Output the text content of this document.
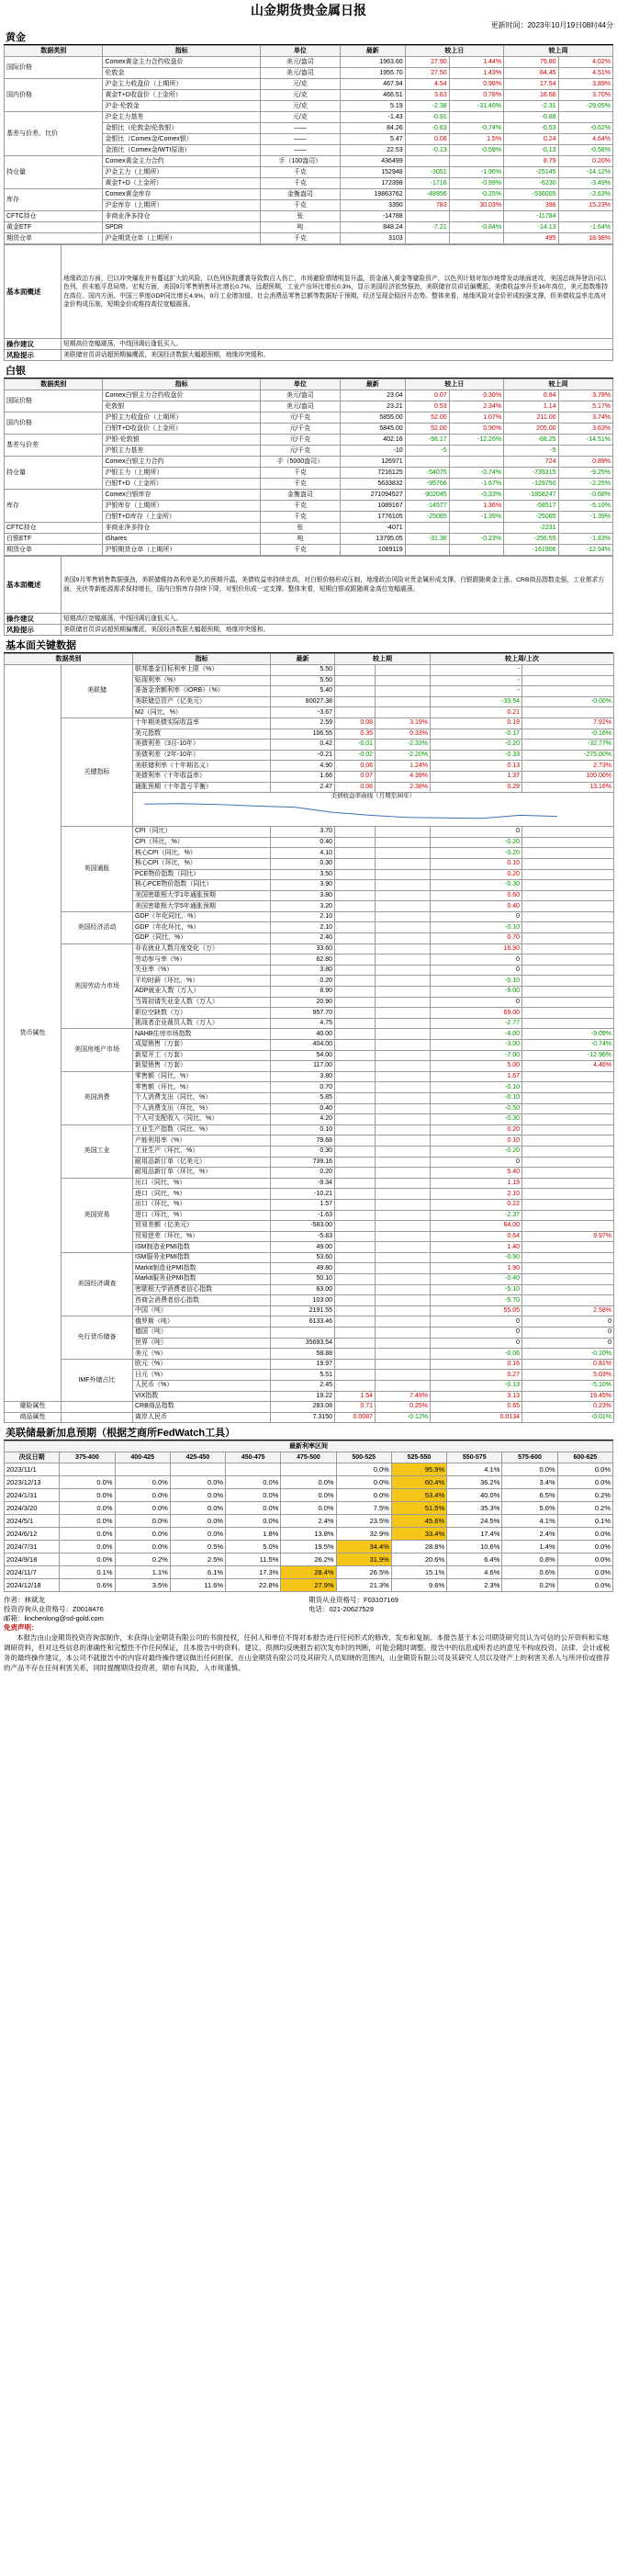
山金期货贵金属日报
更新时间：2023年10月19日08时44分
黄金
数据类别	指标	单位	最新	较上日		较上周	
国际价格	Comex黄金主力合约收盘价	美元/盎司	1963.60	27.90	1.44%	75.80	4.02%
	伦敦金	美元/盎司	1955.70	27.50	1.43%	84.45	4.51%
国内价格	沪金主力收盘价（上期所）	元/克	467.94	4.54	0.98%	17.54	3.89%
	黄金T+D收盘价（上金所）	元/克	466.51	3.63	0.78%	16.66	3.70%
	沪金-伦敦金	元/克	5.19	-2.38	-31.46%	-2.31	-29.05%
基差与价差、比价	沪金主力基差	元/克	-1.43	-0.91		-0.88	
	金银比（伦敦金/伦敦银）	——	84.26	-0.63	-0.74%	-0.53	-0.62%
	金银比（Comex金/Comex银）	——	5.47	0.08	1.5%	0.24	4.64%
	金油比（Comex金/WTI原油）	——	22.53	-0.13	-0.59%	-0.13	-0.58%
持仓量	Comex黄金主力合约	手（100盎司）	436499			8.79	0.20%
	沪金主力（上期所）	千克	152948	-3051	-1.96%	-25145	-14.12%
	黄金T+D（上金所）	千克	172398	-1716	-0.99%	-6230	-3.49%
库存	Comex黄金库存	金衡盎司	19863762	-48956	-0.25%	-536005	-2.63%
	沪金库存（上期所）	千克	3390	783	30.03%	396	15.23%
CFTC持仓	非商业净多持仓	张	-14788			-11784	
黄金ETF	SPDR	吨	848.24	-7.21	-0.84%	-14.13	-1.64%
期货仓单	沪金期货仓单（上期所）	千克	3103			495	18.98%
基本面概述	地缘政治方面，巴以冲突爆发并有蔓延扩大的风险，以色列医院遭袭导致数百人伤亡，市场避险情绪明显升温，资金涌入黄金等避险资产，以色列计划对加沙地带发动地面进攻，美国总统拜登访问以色列，但未能平息局势。宏观方面，美国9月零售销售环比增长0.7%，远超预期，工业产出环比增长0.3%，显示美国经济依然强劲，美联储官员讲话偏鹰派，美债收益率升至16年高位，美元指数维持在高位。国内方面，中国三季度GDP同比增长4.9%，9月工业增加值、社会消费品零售总额等数据好于预期，经济呈现企稳回升态势。整体来看，地缘风险对金价形成较强支撑，但美债收益率走高对金价构成压制，短期金价或维持高位宽幅震荡。
操作建议	短期高位宽幅震荡，中线回调后逢低买入。
风险提示	美联储官员讲话超预期偏鹰派，美国经济数据大幅超预期，地缘冲突缓和。
白银
数据类别	指标	单位	最新	较上日		较上周	
国际价格	Comex白银主力合约收盘价	美元/盎司	23.04	0.07	0.30%	0.84	3.78%
	伦敦银	美元/盎司	23.21	0.53	2.34%	1.14	5.17%
国内价格	沪银主力收盘价（上期所）	元/千克	5855.00	52.00	1.07%	211.00	3.74%
	白银T+D收盘价（上金所）	元/千克	5845.00	52.00	0.90%	205.00	3.63%
基差与价差	沪银-伦敦银	元/千克	402.16	-56.17	-12.26%	-68.25	-14.51%
	沪银主力基差	元/千克	-10	-5		-5	
持仓量	Comex白银主力合约	手（5000盎司）	126971			724	0.89%
	沪银主力（上期所）	千克	7216125	-54075	-0.74%	-735315	-9.25%
	白银T+D（上金所）	千克	5633832	-95766	-1.67%	-129750	-2.25%
库存	Comex白银库存	金衡盎司	271094527	-902045	-0.33%	-1858247	-0.68%
	沪银库存（上期所）	千克	1089167	-14577	1.36%	-58517	-5.10%
	白银T+D库存（上金所）	千克	1776105	-25065	-1.39%	-25065	-1.39%
CFTC持仓	非商业净多持仓	张	-4071			-2231	
白银ETF	iShares	吨	13795.05	-31.36	-0.23%	-256.55	-1.83%
期货仓单	沪银期货仓单（上期所）	千克	1089119			-161906	-12.94%
基本面概述	美国9月零售销售数据强劲，美联储维持高利率更久的预期升温，美债收益率持续走高，对白银价格形成压制，地缘政治风险对贵金属形成支撑，白银跟随黄金上涨。CRB商品指数走强，工业需求方面，光伏等新能源需求保持增长，国内白银库存持续下降，对银价形成一定支撑。整体来看，短期白银或跟随黄金高位宽幅震荡。
操作建议	短期高位宽幅震荡，中线回调后逢低买入。
风险提示	美联储官员讲话超预期偏鹰派，美国经济数据大幅超预期，地缘冲突缓和。
基本面关键数据
数据类别		指标	最新	较上期		较上周/上次	
货币属性	美联储	联邦基金目标利率上限（%）	5.50			-	
		贴现利率（%）	5.50			-	
		准备金余额利率（IORB）（%）	5.40			-	
		美联储总资产（亿美元）	80027.38			-33.54	-0.00%
		M2（同比，%）	-3.67			0.21	
	关键指标	十年期美债实际收益率	2.59	0.08	3.19%	0.19	7.92%
		美元指数	106.55	0.35	0.33%	-0.17	-0.16%
		美债利差（3月-10年）	0.42	-0.01	-2.33%	-0.20	-32.77%
		美债利差（2年-10年）	-0.21	-0.02	-2.20%	-0.33	-275.00%
		美联储利率（十年期名义）	4.90	0.06	1.24%	0.13	2.73%
		美债利率（十年收益率）	1.66	0.07	4.39%	1.37	100.00%
		通胀预期（十年盈亏平衡）	2.47	0.06	2.38%	0.29	13.16%

		美债收益率曲线（月期至30年）					

	美国通胀	CPI（同比）	3.70			0	
		CPI（环比，%）	0.40			-0.20	
		核心CPI（同比，%）	4.10			-0.20	
		核心CPI（环比，%）	0.30			0.10	
		PCE物价指数（同比）	3.50			0.20	
		核心PCE物价指数（同比）	3.90			-0.30	
		美国密歇根大学1年通胀预期	3.80			0.60	
		美国密歇根大学5年通胀预期	3.20			0.40	
	美国经济活动	GDP（年化同比，%）	2.10			0	
		GDP（年化环比，%）	2.10			-0.10	
		GDP（同比，%）	2.40			0.70	
	美国劳动力市场	非农就业人数月度变化（万）	33.60			16.90	
		劳动参与率（%）	62.80			0	
		失业率（%）	3.80			0	
		平均时薪（环比，%）	0.20			-0.10	
		ADP就业人数（万人）	8.90			-9.00	
		当周初请失业金人数（万人）	20.90			0	
		职位空缺数（万）	957.70			69.00	
		挑战者企业裁员人数（万人）	4.75			-2.77	
	美国房地产市场	NAHB住房市场指数	40.00			-4.00	-9.09%
		成屋销售（万套）	404.00			-3.00	-0.74%
		新屋开工（万套）	54.00			-7.00	-12.96%
		新屋销售（万套）	117.00			5.00	4.46%
	美国消费	零售额（同比，%）	3.80			1.67	
		零售额（环比，%）	0.70			-0.10	
		个人消费支出（同比，%）	5.85			-0.10	
		个人消费支出（环比，%）	0.40			-0.50	
		个人可支配收入（同比，%）	4.20			-0.30	
	美国工业	工业生产指数（同比，%）	0.10			0.20	
		产能利用率（%）	79.68			0.10	
		工业生产（环比，%）	0.30			-0.20	
		耐用品新订单（亿美元）	739.16			0	
		耐用品新订单（环比，%）	0.20			5.40	
	美国贸易	出口（同比，%）	-9.34			1.19	
		进口（同比，%）	-10.21			2.10	
		出口（环比，%）	1.57			0.22	
		进口（环比，%）	-1.63			-2.37	
		贸易差额（亿美元）	-583.00			64.00	
		贸易逆差（环比，%）	-5.83			0.64	9.97%
		ISM制造业PMI指数	49.00			1.40	
	美国经济调查	ISM服务业PMI指数	53.60			-0.90	
		Markit制造业PMI指数	49.80			1.90	
		Markit服务业PMI指数	50.10			-0.40	
		密歇根大学消费者信心指数	63.00			-5.10	
		咨商会消费者信心指数	103.00			-5.70	
		中国（吨）	2191.55			55.05	2.58%
	央行货币储备	俄罗斯（吨）	6133.46			0	0
		德国（吨）				0	0
		世界（吨）	35693.54			0	0
		美元（%）	58.88			-0.06	-0.10%
	IMF外储占比	欧元（%）	19.97			0.16	0.81%
		日元（%）	5.51			0.27	5.03%
		人民币（%）	2.45			-0.13	-5.10%
		VIX指数	19.22	1.54	7.49%	3.13	19.45%
避险属性		CRB商品指数	283.08	0.71	0.25%	0.65	0.23%
商品属性		离岸人民币	7.3150	0.0087	-0.12%	0.0134	-0.01%
美联储最新加息预期（根据芝商所FedWatch工具）
最新利率区间										
决议日期	375-400	400-425	425-450	450-475	475-500	500-525	525-550	550-575	575-600	600-625
2023/11/1						0.0%	95.9%	4.1%	0.0%	0.0%
2023/12/13	0.0%	0.0%	0.0%	0.0%	0.0%	0.0%	60.4%	36.2%	3.4%	0.0%
2024/1/31	0.0%	0.0%	0.0%	0.0%	0.0%	0.0%	53.4%	40.0%	6.5%	0.2%
2024/3/20	0.0%	0.0%	0.0%	0.0%	0.0%	7.5%	51.5%	35.3%	5.6%	0.2%
2024/5/1	0.0%	0.0%	0.0%	0.0%	2.4%	23.5%	45.6%	24.5%	4.1%	0.1%
2024/6/12	0.0%	0.0%	0.0%	1.8%	13.8%	32.9%	33.4%	17.4%	2.4%	0.0%
2024/7/31	0.0%	0.0%	0.5%	5.0%	19.5%	34.4%	28.8%	10.6%	1.4%	0.0%
2024/9/18	0.0%	0.2%	2.5%	11.5%	26.2%	31.9%	20.6%	6.4%	0.8%	0.0%
2024/11/7	0.1%	1.1%	6.1%	17.3%	28.4%	26.5%	15.1%	4.6%	0.6%	0.0%
2024/12/18	0.6%	3.5%	11.6%	22.8%	27.9%	21.3%	9.6%	2.3%	0.2%	0.0%
作者：林斌龙	期货从业资格号：F03107169
投资咨询从业资格号：Z0018476	电话：021-20627529
邮箱：linchenlong@sd-gold.com
免责声明：

本报告由山金期货投资咨询部制作，未获得山金期货有限公司的书面授权，任何人和单位不得对本报告进行任何形式的修改、发布和复制。本报告基于本公司期货研究员认为可信的公开资料和实地调研资料，但对这些信息的准确性和完整性不作任何保证，且本报告中的资料、建议、预测均反映报告初次发布时的判断，可能会随时调整。报告中的信息或所表达的意见不构成投资、法律、会计或税务的最终操作建议，本公司不就报告中的内容对最终操作建议做出任何担保。在山金期货有限公司及其研究人员知晓的范围内，山金期货有限公司及其研究人员以及财产上的利害关系人与所评价或推荐的产品不存在任何利害关系，同时提醒期货投资者，期市有风险，入市须谨慎。
